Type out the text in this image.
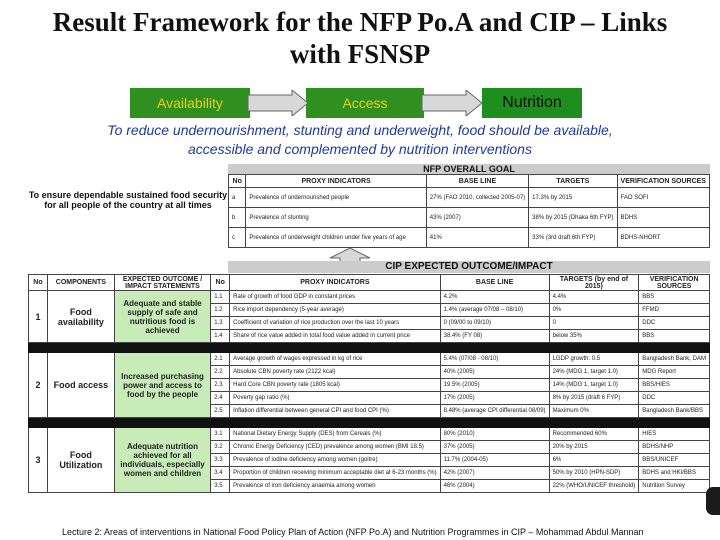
Result Framework for the NFP Po.A and CIP – Links
with FSNSP
Availability	Access	Nutrition
To reduce undernourishment, stunting and underweight, food should be available,
accessible and complemented by nutrition interventions
NFP OVERALL GOAL
To ensure dependable sustained food security for all people of the country at all times
No	PROXY INDICATORS	BASE LINE	TARGETS	VERIFICATION SOURCES
a	Prevalence of undernourished people	27% (FAO 2010, collected 2005-07)	17.3% by 2015	FAO SOFI
b	Prevalence of stunting	43% (2007)	38% by 2015 (Dhaka 6th FYP)	BDHS
c	Prevalence of underweight children under five years of age	41%	33% (3rd draft 6th FYP)	BDHS-NHORT
CIP EXPECTED OUTCOME/IMPACT
No	COMPONENTS	EXPECTED OUTCOME / IMPACT STATEMENTS	No	PROXY INDICATORS	BASE LINE	TARGETS (by end of 2015)	VERIFICATION SOURCES
1	Food availability	Adequate and stable supply of safe and nutritious food is achieved	1.1	Rate of growth of food GDP in constant prices	4.2%	4.4%	BBS
			1.2	Rice import dependency (5-year average)	1.4% (average 07/08 – 08/10)	0%	FFMD
			1.3	Coefficient of variation of rice production over the last 10 years	0 (09/00 to 09/10)	0	DDC
			1.4	Share of rice value added in total food value added in current price	38.4% (FY 08)	below 35%	BBS

2	Food access	Increased purchasing power and access to food by the people	2.1	Average growth of wages expressed in kg of rice	5.4% (07/08 - 08/10)	LGDP growth: 0.5	Bangladesh Bank, DAM
			2.2	Absolute CBN poverty rate (2122 kcal)	40% (2005)	24% (MDG 1, target 1.0)	MDG Report
			2.3	Hard Core CBN poverty rate (1805 kcal)	19.5% (2005)	14% (MDG 1, target 1.0)	BBS/HIES
			2.4	Poverty gap ratio (%)	17% (2005)	8% by 2015 (draft 6 FYP)	DDC
			2.5	Inflation differential between general CPI and food CPI (%)	8.48% (average CPI differential 08/09)	Maximum 0%	Bangladesh Bank/BBS

3	Food Utilization	Adequate nutrition achieved for all individuals, especially women and children	3.1	National Dietary Energy Supply (DES) from Cereals (%)	80% (2010)	Recommended 60%	HIES
			3.2	Chronic Energy Deficiency (CED) prevalence among women (BMI 18.5)	37% (2005)	20% by 2015	BDHS/NHP
			3.3	Prevalence of iodine deficiency among women (goitre)	11.7% (2004-05)	6%	BBS/UNICEF
			3.4	Proportion of children receiving minimum acceptable diet at 6-23 months (%)	42% (2007)	50% by 2010 (HPN-SDP)	BDHS and HKI/BBS
			3.5	Prevalence of iron deficiency anaemia among women	46% (2004)	22% (WHO/UNICEF threshold)	Nutrition Survey
Lecture 2: Areas of interventions in National Food Policy Plan of Action (NFP Po.A) and Nutrition Programmes in CIP – Mohammad Abdul Mannan
